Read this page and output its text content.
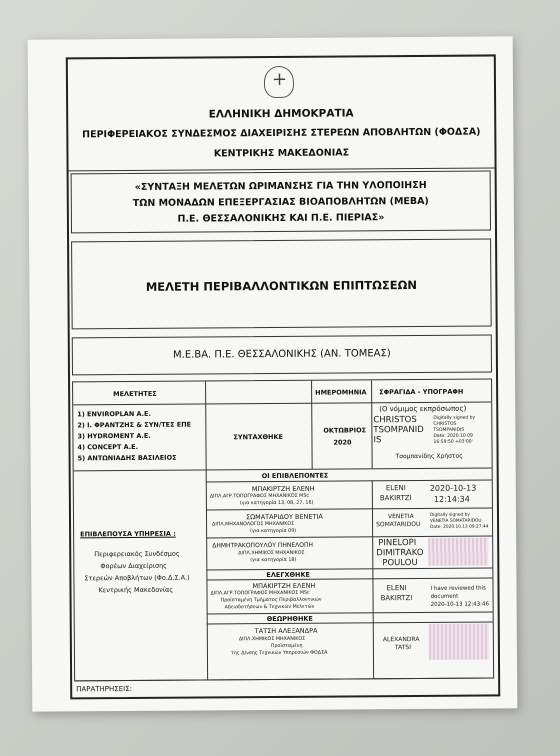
+
ΕΛΛΗΝΙΚΗ ΔΗΜΟΚΡΑΤΙΑ
ΠΕΡΙΦΕΡΕΙΑΚΟΣ ΣΥΝΔΕΣΜΟΣ ΔΙΑΧΕΙΡΙΣΗΣ ΣΤΕΡΕΩΝ ΑΠΟΒΛΗΤΩΝ (ΦΟΔΣΑ)
ΚΕΝΤΡΙΚΗΣ ΜΑΚΕΔΟΝΙΑΣ
«ΣΥΝΤΑΞΗ ΜΕΛΕΤΩΝ ΩΡΙΜΑΝΣΗΣ ΓΙΑ ΤΗΝ ΥΛΟΠΟΙΗΣΗ
ΤΩΝ ΜΟΝΑΔΩΝ ΕΠΕΞΕΡΓΑΣΙΑΣ ΒΙΟΑΠΟΒΛΗΤΩΝ (ΜΕΒΑ)
Π.Ε. ΘΕΣΣΑΛΟΝΙΚΗΣ ΚΑΙ Π.Ε. ΠΙΕΡΙΑΣ»
ΜΕΛΕΤΗ ΠΕΡΙΒΑΛΛΟΝΤΙΚΩΝ ΕΠΙΠΤΩΣΕΩΝ
Μ.Ε.ΒΑ. Π.Ε. ΘΕΣΣΑΛΟΝΙΚΗΣ (ΑΝ. ΤΟΜΕΑΣ)
ΜΕΛΕΤΗΤΕΣ	ΗΜΕΡΟΜΗΝΙΑ ΣΦΡΑΓΙΔΑ - ΥΠΟΓΡΑΦΗ
1) ENVIROPLAN Α.Ε.
2) Ι. ΦΡΑΝΤΖΗΣ & ΣΥΝ/ΤΕΣ ΕΠΕ
3) HYDROMENT Α.Ε.
4) CONCEPT Α.Ε.
5) ΑΝΤΩΝΙΑΔΗΣ ΒΑΣΙΛΕΙΟΣ
ΣΥΝΤΑΧΘΗΚΕ
ΟΚΤΩΒΡΙΟΣ
2020
(Ο νόμιμος εκπρόσωπος)
CHRISTOS
TSOMPANID
IS
Digitally signed by
CHRISTOS
TSOMPANIDIS
Date: 2020.10.09
16:59:50 +03'00'
Τσομπανίδης Χρήστος
ΟΙ ΕΠΙΒΛΕΠΟΝΤΕΣ
ΕΠΙΒΛΕΠΟΥΣΑ ΥΠΗΡΕΣΙΑ :
Περιφερειακός Συνδέσμος
Φορέων Διαχείρισης
Στερεών Αποβλήτων (Φο.Δ.Σ.Α.)
Κεντρικής Μακεδονίας
ΜΠΑΚΙΡΤΖΗ ΕΛΕΝΗ
ΔΙΠΛ.ΑΓΡ.ΤΟΠΟΓΡΑΦΟΣ ΜΗΧΑΝΙΚΟΣ MSc
(για κατηγορία 13, 08, 27, 16)
ELENI
BAKIRTZI
2020-10-13
12:14:34
ΣΩΜΑΤΑΡΙΔΟΥ ΒΕΝΕΤΙΑ
ΔΙΠΛ.ΜΗΧΑΝΟΛΟΓΟΣ ΜΗΧΑΝΙΚΟΣ
(για κατηγορία 09)
VENETIA
SOMATARIDOU
Digitally signed by
VENETIA SOMATARIDOU
Date: 2020.10.13 09:27:44
ΔΗΜΗΤΡΑΚΟΠΟΥΛΟΥ ΠΗΝΕΛΟΠΗ
ΔΙΠΛ.ΧΗΜΙΚΟΣ ΜΗΧΑΝΙΚΟΣ
(για κατηγορία 18)
PINELOPI
DIMITRAKO
POULOU
ΕΛΕΓΧΘΗΚΕ
ΜΠΑΚΙΡΤΖΗ ΕΛΕΝΗ
ΔΙΠΛ.ΑΓΡ.ΤΟΠΟΓΡΑΦΟΣ ΜΗΧΑΝΙΚΟΣ MSc
Προϊσταμένη Τμήματος Περιβαλλοντικών
Αδειοδοτήσεων & Τεχνικών Μελετών
ELENI
BAKIRTZI
I have reviewed this
document
2020-10-13 12:43:46
ΘΕΩΡΗΘΗΚΕ
ΤΑΤΣΗ ΑΛΕΞΑΝΔΡΑ
ΔΙΠΛ.ΧΗΜΙΚΟΣ ΜΗΧΑΝΙΚΟΣ
Προϊσταμένη
της Δ/νσης Τεχνικών Υπηρεσιών ΦΟΔΣΑ
ALEXANDRA
TATSI
ΠΑΡΑΤΗΡΗΣΕΙΣ:
